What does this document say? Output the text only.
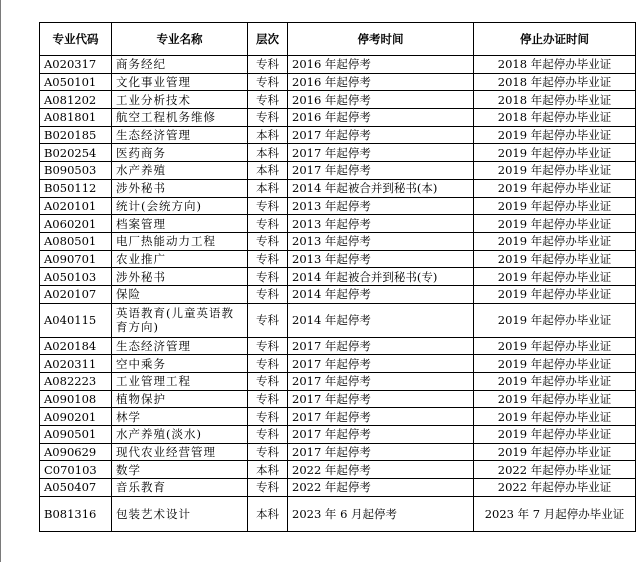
专业代码	专业名称	层次	停考时间	停止办证时间
A020317	商务经纪	专科	2016 年起停考	2018 年起停办毕业证
A050101	文化事业管理	专科	2016 年起停考	2018 年起停办毕业证
A081202	工业分析技术	专科	2016 年起停考	2018 年起停办毕业证
A081801	航空工程机务维修	专科	2016 年起停考	2018 年起停办毕业证
B020185	生态经济管理	本科	2017 年起停考	2019 年起停办毕业证
B020254	医药商务	本科	2017 年起停考	2019 年起停办毕业证
B090503	水产养殖	本科	2017 年起停考	2019 年起停办毕业证
B050112	涉外秘书	本科	2014 年起被合并到秘书(本)	2019 年起停办毕业证
A020101	统计(会统方向)	专科	2013 年起停考	2019 年起停办毕业证
A060201	档案管理	专科	2013 年起停考	2019 年起停办毕业证
A080501	电厂热能动力工程	专科	2013 年起停考	2019 年起停办毕业证
A090701	农业推广	专科	2013 年起停考	2019 年起停办毕业证
A050103	涉外秘书	专科	2014 年起被合并到秘书(专)	2019 年起停办毕业证
A020107	保险	专科	2014 年起停考	2019 年起停办毕业证
A040115	英语教育(儿童英语教育方向)	专科	2014 年起停考	2019 年起停办毕业证
A020184	生态经济管理	专科	2017 年起停考	2019 年起停办毕业证
A020311	空中乘务	专科	2017 年起停考	2019 年起停办毕业证
A082223	工业管理工程	专科	2017 年起停考	2019 年起停办毕业证
A090108	植物保护	专科	2017 年起停考	2019 年起停办毕业证
A090201	林学	专科	2017 年起停考	2019 年起停办毕业证
A090501	水产养殖(淡水)	专科	2017 年起停考	2019 年起停办毕业证
A090629	现代农业经营管理	专科	2017 年起停考	2019 年起停办毕业证
C070103	数学	本科	2022 年起停考	2022 年起停办毕业证
A050407	音乐教育	专科	2022 年起停考	2022 年起停办毕业证
B081316	包装艺术设计	本科	2023 年 6 月起停考	2023 年 7 月起停办毕业证
